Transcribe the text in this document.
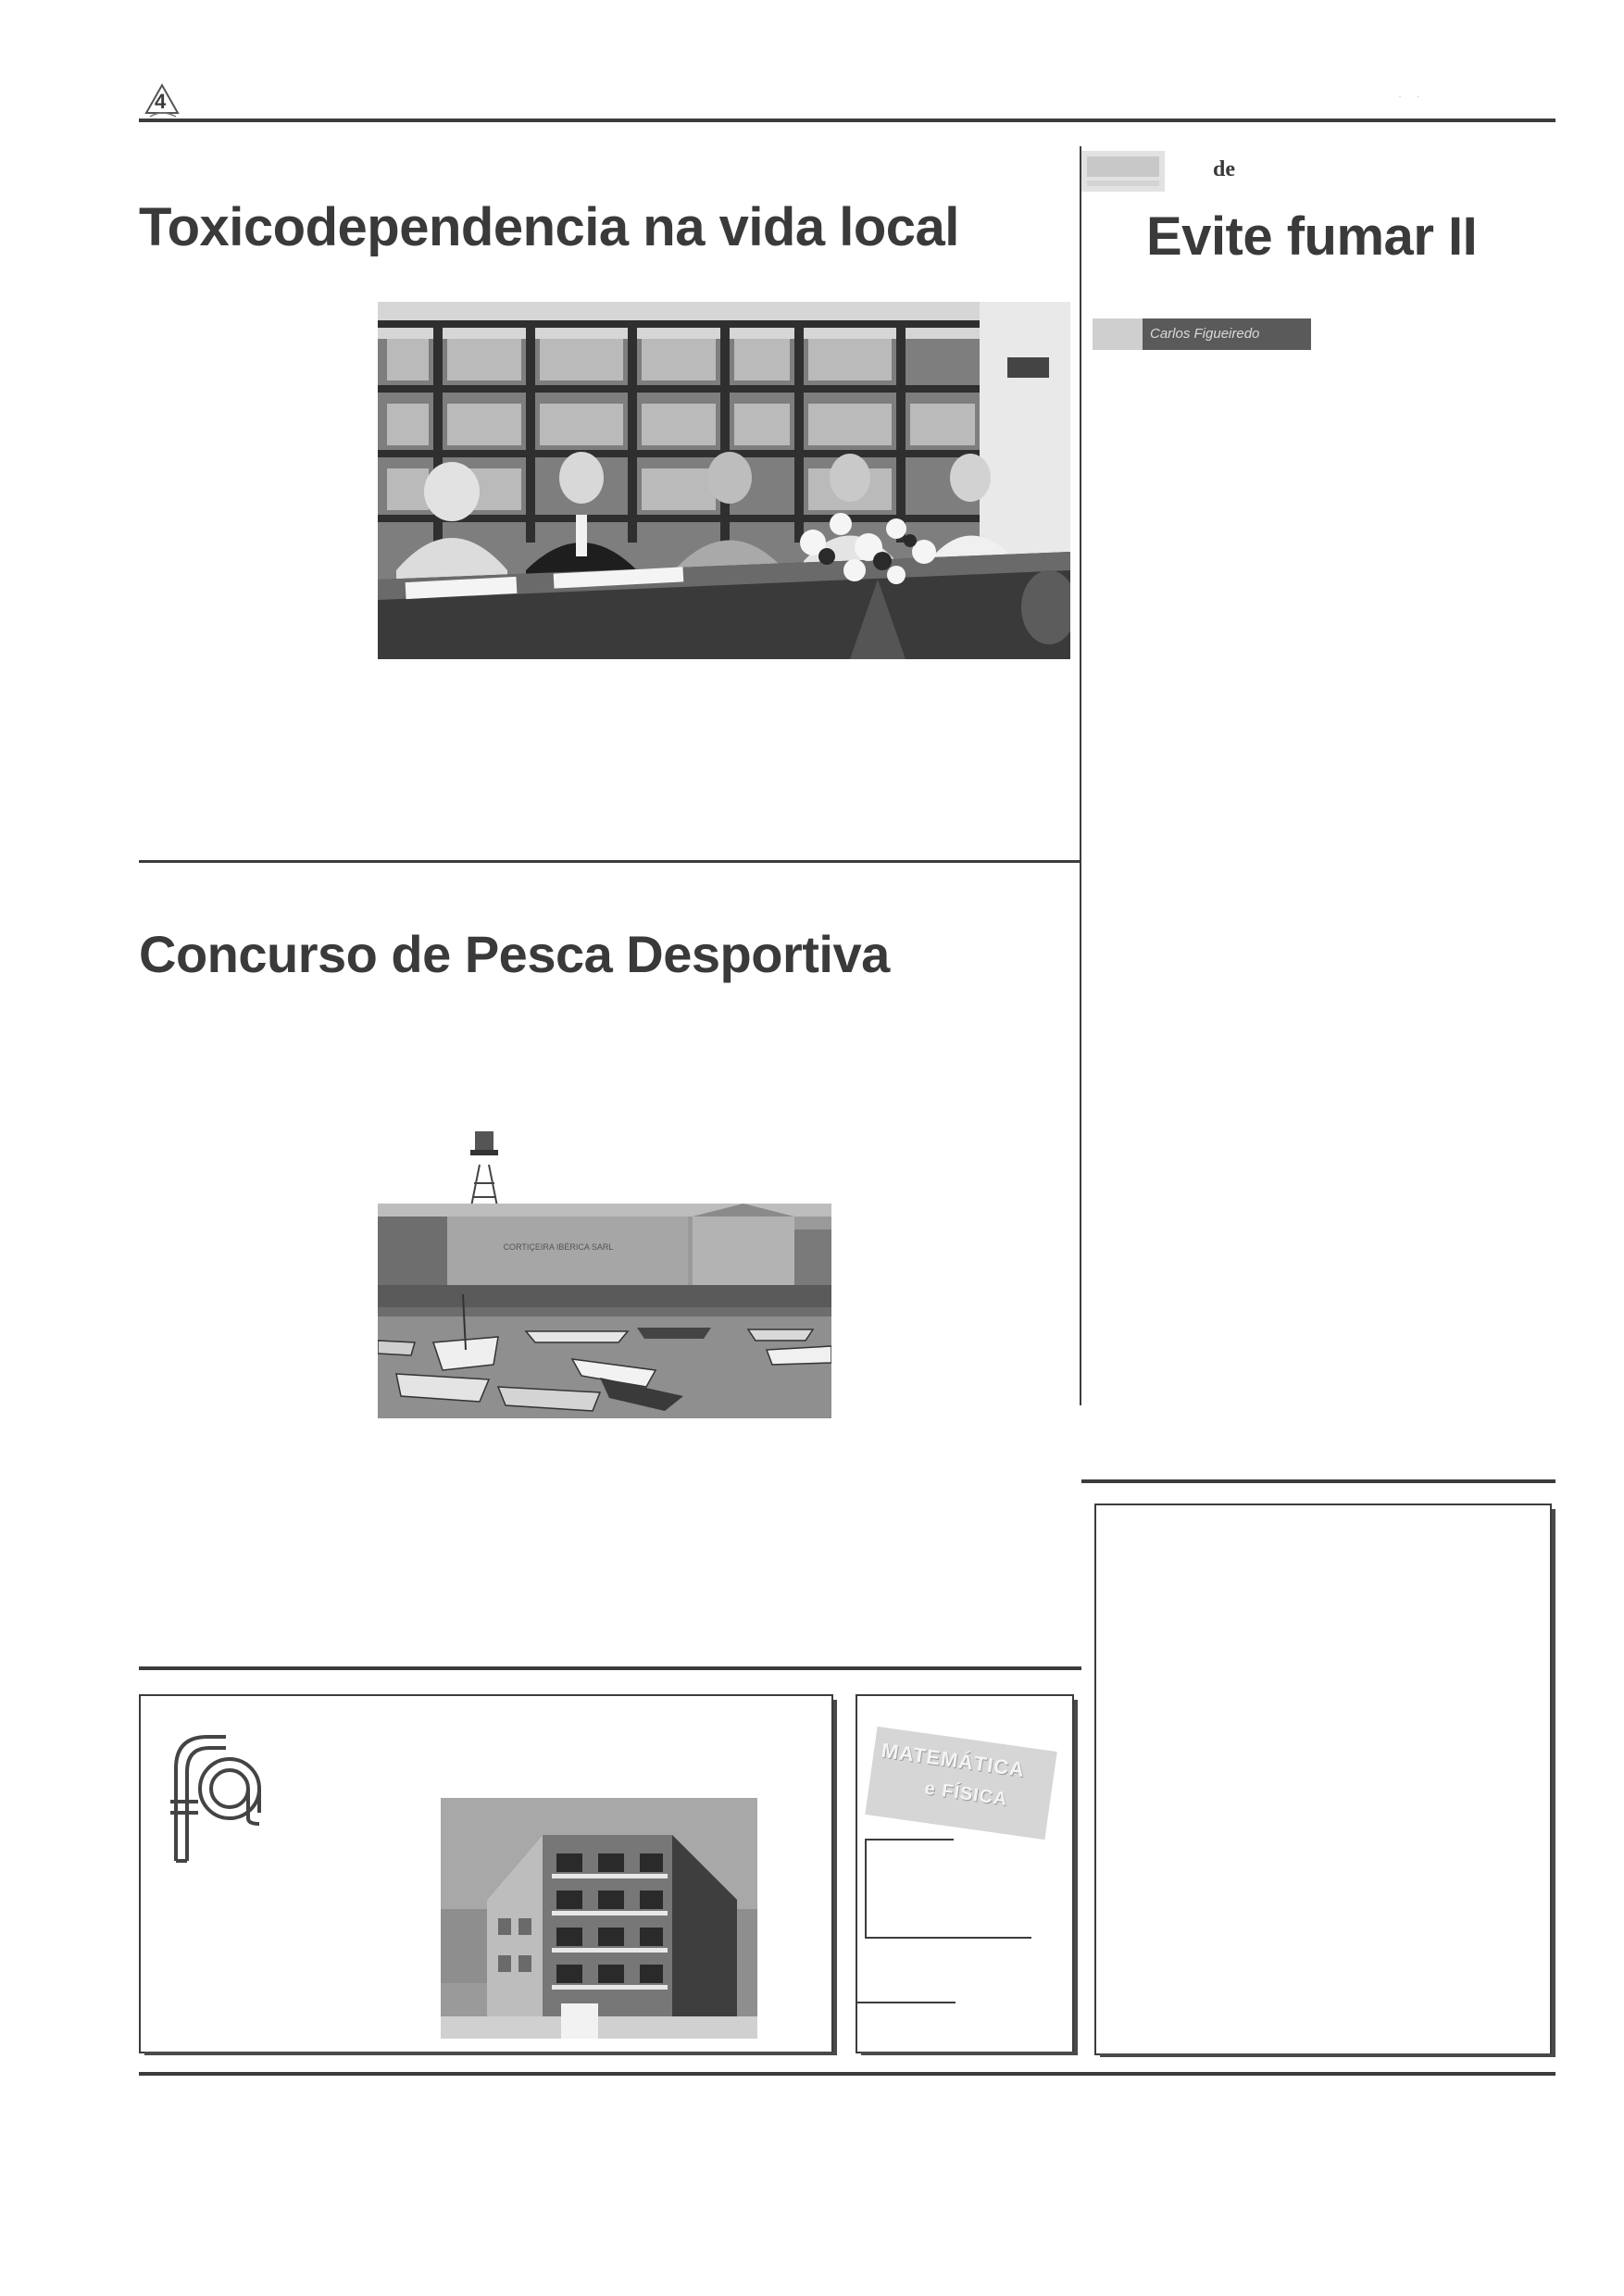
4	. .
Toxicodependencia na vida local
Concurso de Pesca Desportiva
CORTIÇEIRA IBÉRICA SARL
de
Evite fumar II
Carlos Figueiredo
MATEMÁTICA
e FÍSICA
